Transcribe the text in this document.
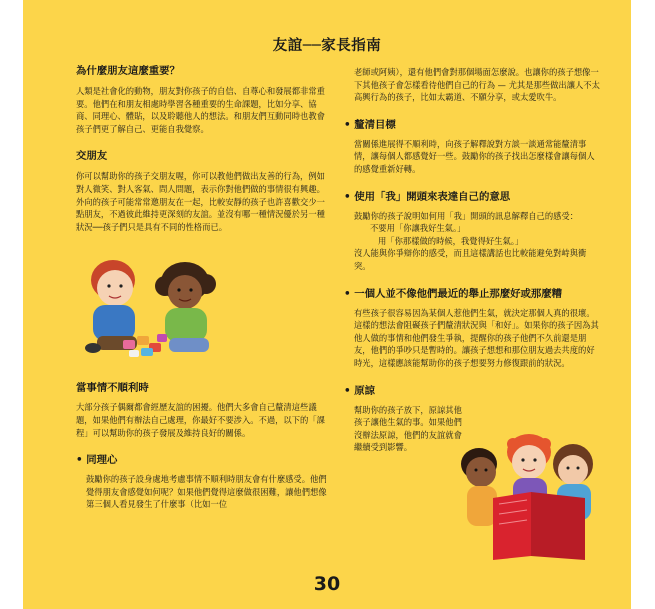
友誼──家長指南
為什麼朋友這麼重要？

人類是社會化的動物，朋友對你孩子的自信、自尊心和發展都非常重要。他們在和朋友相處時學習各種重要的生命課題，比如分享、協商、同理心、體貼，以及聆聽他人的想法。和朋友們互動同時也教會孩子們更了解自己、更能自我覺察。

交朋友

你可以幫助你的孩子交朋友喔，你可以教他們做出友善的行為，例如對人微笑、對人客氣、問人問題，表示你對他們做的事情很有興趣。外向的孩子可能常常邀朋友在一起，比較安靜的孩子也許喜歡交少一點朋友，不過彼此維持更深刻的友誼。並沒有哪一種情況優於另一種狀況──孩子們只是具有不同的性格而已。

當事情不順利時

大部分孩子偶爾都會經歷友誼的困擾。他們大多會自己釐清這些議題，如果他們有辦法自己處理，你最好不要涉入。不過，以下的「課程」可以幫助你的孩子發展及維持良好的關係。

• 同理心

鼓勵你的孩子設身處地考慮事情不順利時朋友會有什麼感受。他們覺得朋友會感覺如何呢？如果他們覺得這麼做很困難，讓他們想像第三個人看見發生了什麼事（比如一位

老師或阿姨），還有他們會對那個場面怎麼說。也讓你的孩子想像一下其他孩子會怎樣看待他們自己的行為 — 尤其是那些做出讓人不太高興行為的孩子，比如太霸道、不願分享，或太愛吹牛。

• 釐清目標

當關係進展得不順利時，向孩子解釋說對方談一談通常能釐清事情，讓每個人都感覺好一些。鼓勵你的孩子找出怎麼樣會讓每個人的感覺重新好轉。

• 使用「我」開頭來表達自己的意思

鼓勵你的孩子說明如何用「我」開頭的訊息解釋自己的感受：

不要用「你讓我好生氣。」

用「你那樣做的時候，我覺得好生氣。」

沒人能與你爭辯你的感受，而且這樣講話也比較能避免對峙與衝突。

• 一個人並不像他們最近的舉止那麼好或那麼糟

有些孩子很容易因為某個人惹他們生氣，就決定那個人真的很壞。這樣的想法會阻礙孩子們釐清狀況與「和好」。如果你的孩子因為其他人做的事情和他們發生爭執，提醒你的孩子他們不久前還是朋友，他們的爭吵只是暫時的。讓孩子想想和那位朋友過去共度的好時光，這樣應該能幫助你的孩子想要努力修復跟前的狀況。

• 原諒

幫助你的孩子放下，原諒其他孩子讓他生氣的事。如果他們沒辦法原諒，他們的友誼就會繼續受到影響。

30
